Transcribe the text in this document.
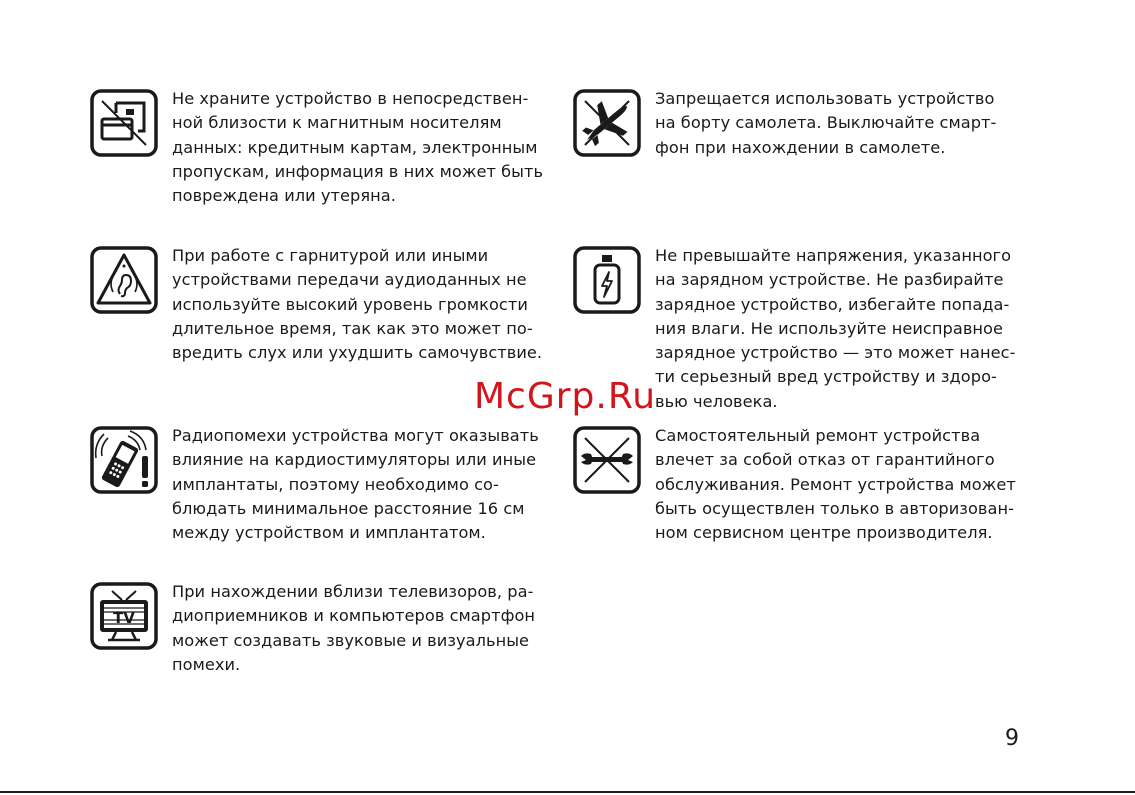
Не храните устройство в непосредствен-
ной близости к магнитным носителям
данных: кредитным картам, электронным
пропускам, информация в них может быть
повреждена или утеряна.
Запрещается использовать устройство
на борту самолета. Выключайте смарт-
фон при нахождении в самолете.
При работе с гарнитурой или иными
устройствами передачи аудиоданных не
используйте высокий уровень громкости
длительное время, так как это может по-
вредить слух или ухудшить самочувствие.
Не превышайте напряжения, указанного
на зарядном устройстве. Не разбирайте
зарядное устройство, избегайте попада-
ния влаги. Не используйте неисправное
зарядное устройство — это может нанес-
ти серьезный вред устройству и здоро-
вью человека.
Радиопомехи устройства могут оказывать
влияние на кардиостимуляторы или иные
имплантаты, поэтому необходимо со-
блюдать минимальное расстояние 16 см
между устройством и имплантатом.
Самостоятельный ремонт устройства
влечет за собой отказ от гарантийного
обслуживания. Ремонт устройства может
быть осуществлен только в авторизован-
ном сервисном центре производителя.
TV
При нахождении вблизи телевизоров, ра-
диоприемников и компьютеров смартфон
может создавать звуковые и визуальные
помехи.
McGrp.Ru
9
